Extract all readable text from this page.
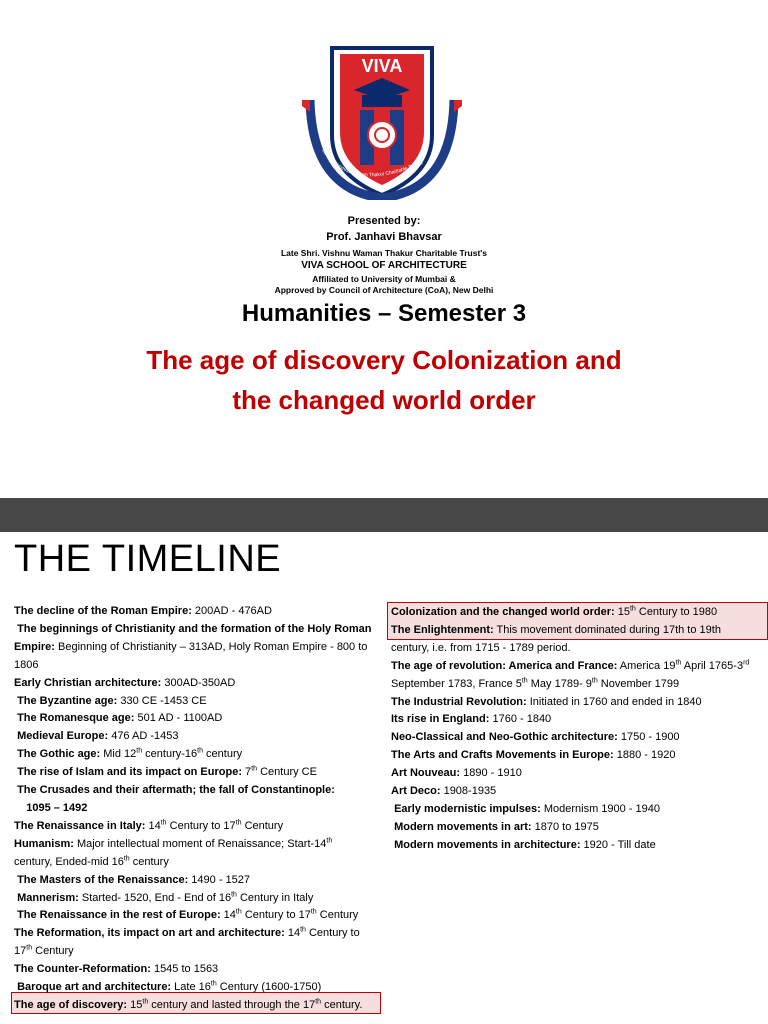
VIVA
Late Shri Vishnu Waman Thakur Charitable Trust's
Presented by:
Prof. Janhavi Bhavsar
Late Shri. Vishnu Waman Thakur Charitable Trust's
VIVA SCHOOL OF ARCHITECTURE
Affiliated to University of Mumbai &
Approved by Council of Architecture (CoA), New Delhi
Humanities – Semester 3
The age of discovery Colonization and
the changed world order
THE TIMELINE
The decline of the Roman Empire: 200AD - 476AD
The beginnings of Christianity and the formation of the Holy Roman
Empire: Beginning of Christianity – 313AD, Holy Roman Empire - 800 to
1806
Early Christian architecture: 300AD-350AD
The Byzantine age: 330 CE -1453 CE
The Romanesque age: 501 AD - 1100AD
Medieval Europe: 476 AD -1453
The Gothic age: Mid 12th century-16th century
The rise of Islam and its impact on Europe: 7th Century CE
The Crusades and their aftermath; the fall of Constantinople:
1095 – 1492
The Renaissance in Italy: 14th Century to 17th Century
Humanism: Major intellectual moment of Renaissance; Start-14th
century, Ended-mid 16th century
The Masters of the Renaissance: 1490 - 1527
Mannerism: Started- 1520, End - End of 16th Century in Italy
The Renaissance in the rest of Europe: 14th Century to 17th Century
The Reformation, its impact on art and architecture: 14th Century to
17th Century
The Counter-Reformation: 1545 to 1563
Baroque art and architecture: Late 16th Century (1600-1750)
The age of discovery: 15th century and lasted through the 17th century.
Colonization and the changed world order: 15th Century to 1980
The Enlightenment: This movement dominated during 17th to 19th
century, i.e. from 1715 - 1789 period.
The age of revolution: America and France: America 19th April 1765-3rd
September 1783, France 5th May 1789- 9th November 1799
The Industrial Revolution: Initiated in 1760 and ended in 1840
Its rise in England: 1760 - 1840
Neo-Classical and Neo-Gothic architecture: 1750 - 1900
The Arts and Crafts Movements in Europe: 1880 - 1920
Art Nouveau: 1890 - 1910
Art Deco: 1908-1935
Early modernistic impulses: Modernism 1900 - 1940
Modern movements in art: 1870 to 1975
Modern movements in architecture: 1920 - Till date
